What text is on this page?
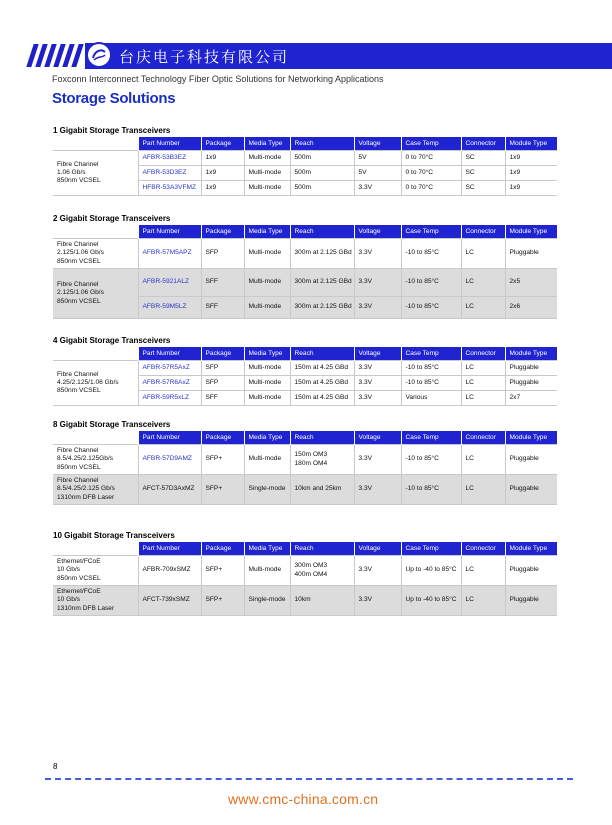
台庆电子科技有限公司
Foxconn Interconnect Technology Fiber Optic Solutions for Networking Applications
Storage Solutions
1 Gigabit Storage Transceivers
	Part Number	Package	Media Type	Reach	Voltage	Case Temp	Connector	Module Type
Fibre Channel
1.06 Gb/s
850nm VCSEL	AFBR-53B3EZ	1x9	Multi-mode	500m	5V	0 to 70°C	SC	1x9
	AFBR-53D3EZ	1x9	Multi-mode	500m	5V	0 to 70°C	SC	1x9
	HFBR-53A3VFMZ	1x9	Multi-mode	500m	3.3V	0 to 70°C	SC	1x9
2 Gigabit Storage Transceivers
	Part Number	Package	Media Type	Reach	Voltage	Case Temp	Connector	Module Type
Fibre Channel
2.125/1.06 Gb/s
850nm VCSEL	AFBR-57M5APZ	SFP	Multi-mode	300m at 2.125 GBd	3.3V	-10 to 85°C	LC	Pluggable
Fibre Channel
2.125/1.06 Gb/s
850nm VCSEL	AFBR-5921ALZ	SFF	Multi-mode	300m at 2.125 GBd	3.3V	-10 to 85°C	LC	2x5
	AFBR-59M5LZ	SFF	Multi-mode	300m at 2.125 GBd	3.3V	-10 to 85°C	LC	2x6
4 Gigabit Storage Transceivers
	Part Number	Package	Media Type	Reach	Voltage	Case Temp	Connector	Module Type
Fibre Channel
4.25/2.125/1.06 Gb/s
850nm VCSEL	AFBR-57R5AxZ	SFP	Multi-mode	150m at 4.25 GBd	3.3V	-10 to 85°C	LC	Pluggable
	AFBR-57R6AxZ	SFP	Multi-mode	150m at 4.25 GBd	3.3V	-10 to 85°C	LC	Pluggable
	AFBR-59R5xLZ	SFF	Multi-mode	150m at 4.25 GBd	3.3V	Various	LC	2x7
8 Gigabit Storage Transceivers
	Part Number	Package	Media Type	Reach	Voltage	Case Temp	Connector	Module Type
Fibre Channel
8.5/4.25/2.125Gb/s
850nm VCSEL	AFBR-57D9AMZ	SFP+	Multi-mode	150m OM3
180m OM4	3.3V	-10 to 85°C	LC	Pluggable
Fibre Channel
8.5/4.25/2.125 Gb/s
1310nm DFB Laser	AFCT-57D3AxMZ	SFP+	Single-mode	10km and 25km	3.3V	-10 to 85°C	LC	Pluggable
10 Gigabit Storage Transceivers
	Part Number	Package	Media Type	Reach	Voltage	Case Temp	Connector	Module Type
Ethernet/FCoE
10 Gb/s
850nm VCSEL	AFBR-709xSMZ	SFP+	Multi-mode	300m OM3
400m OM4	3.3V	Up to -40 to 85°C	LC	Pluggable
Ethernet/FCoE
10 Gb/s
1310nm DFB Laser	AFCT-739xSMZ	SFP+	Single-mode	10km	3.3V	Up to -40 to 85°C	LC	Pluggable
8
www.cmc-china.com.cn
